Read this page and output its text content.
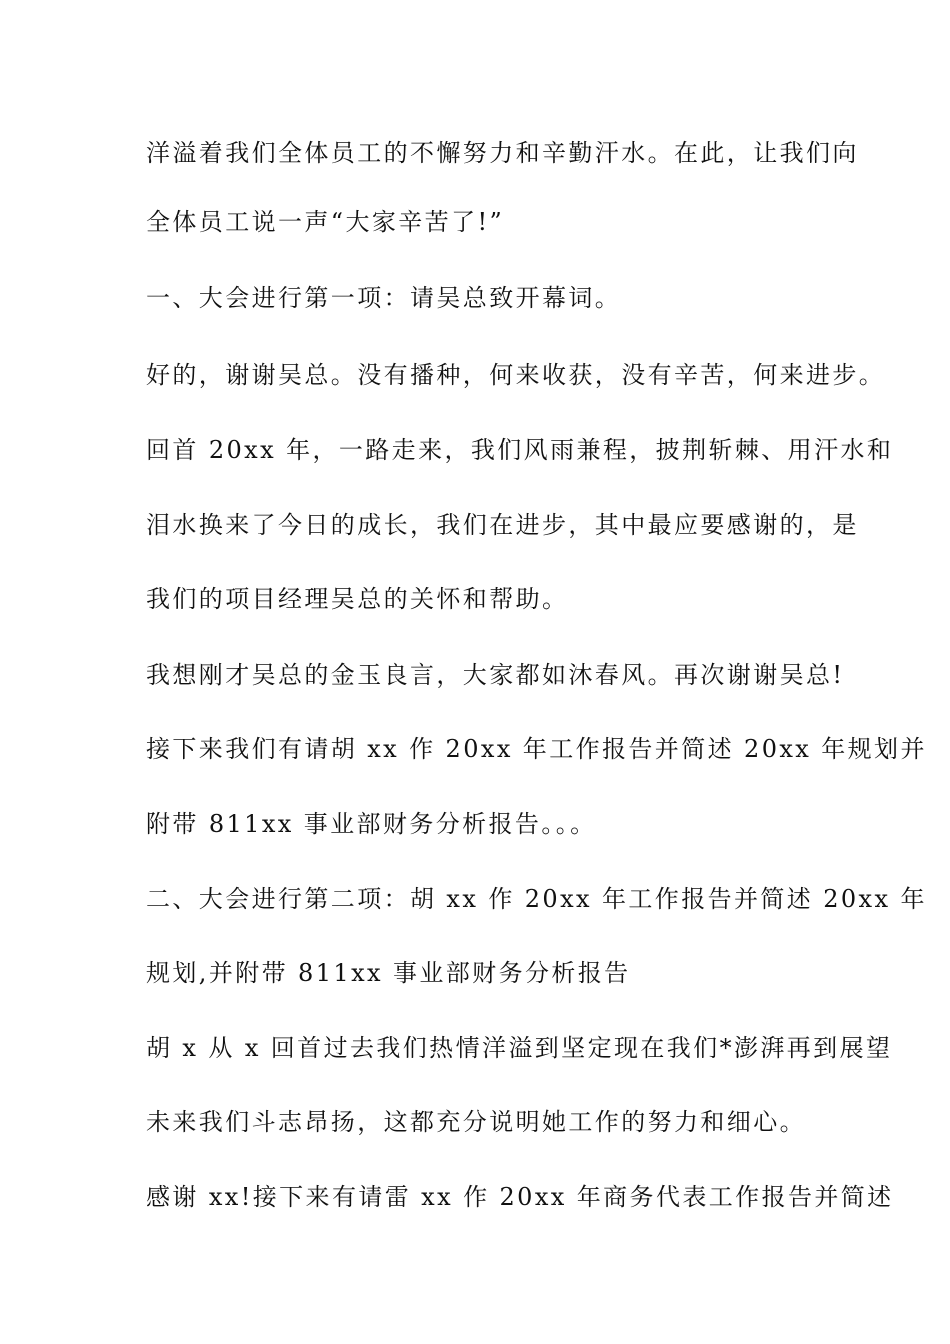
洋溢着我们全体员工的不懈努力和辛勤汗水。在此，让我们向
全体员工说一声“大家辛苦了!”
一、大会进行第一项：请吴总致开幕词。
好的，谢谢吴总。没有播种，何来收获，没有辛苦，何来进步。
回首 20xx 年，一路走来，我们风雨兼程，披荆斩棘、用汗水和
泪水换来了今日的成长，我们在进步，其中最应要感谢的，是
我们的项目经理吴总的关怀和帮助。
我想刚才吴总的金玉良言，大家都如沐春风。再次谢谢吴总!
接下来我们有请胡 xx 作 20xx 年工作报告并简述 20xx 年规划并
附带 811xx 事业部财务分析报告。。。
二、大会进行第二项：胡 xx 作 20xx 年工作报告并简述 20xx 年
规划,并附带 811xx 事业部财务分析报告
胡 x 从 x 回首过去我们热情洋溢到坚定现在我们*澎湃再到展望
未来我们斗志昂扬，这都充分说明她工作的努力和细心。
感谢 xx!接下来有请雷 xx 作 20xx 年商务代表工作报告并简述
